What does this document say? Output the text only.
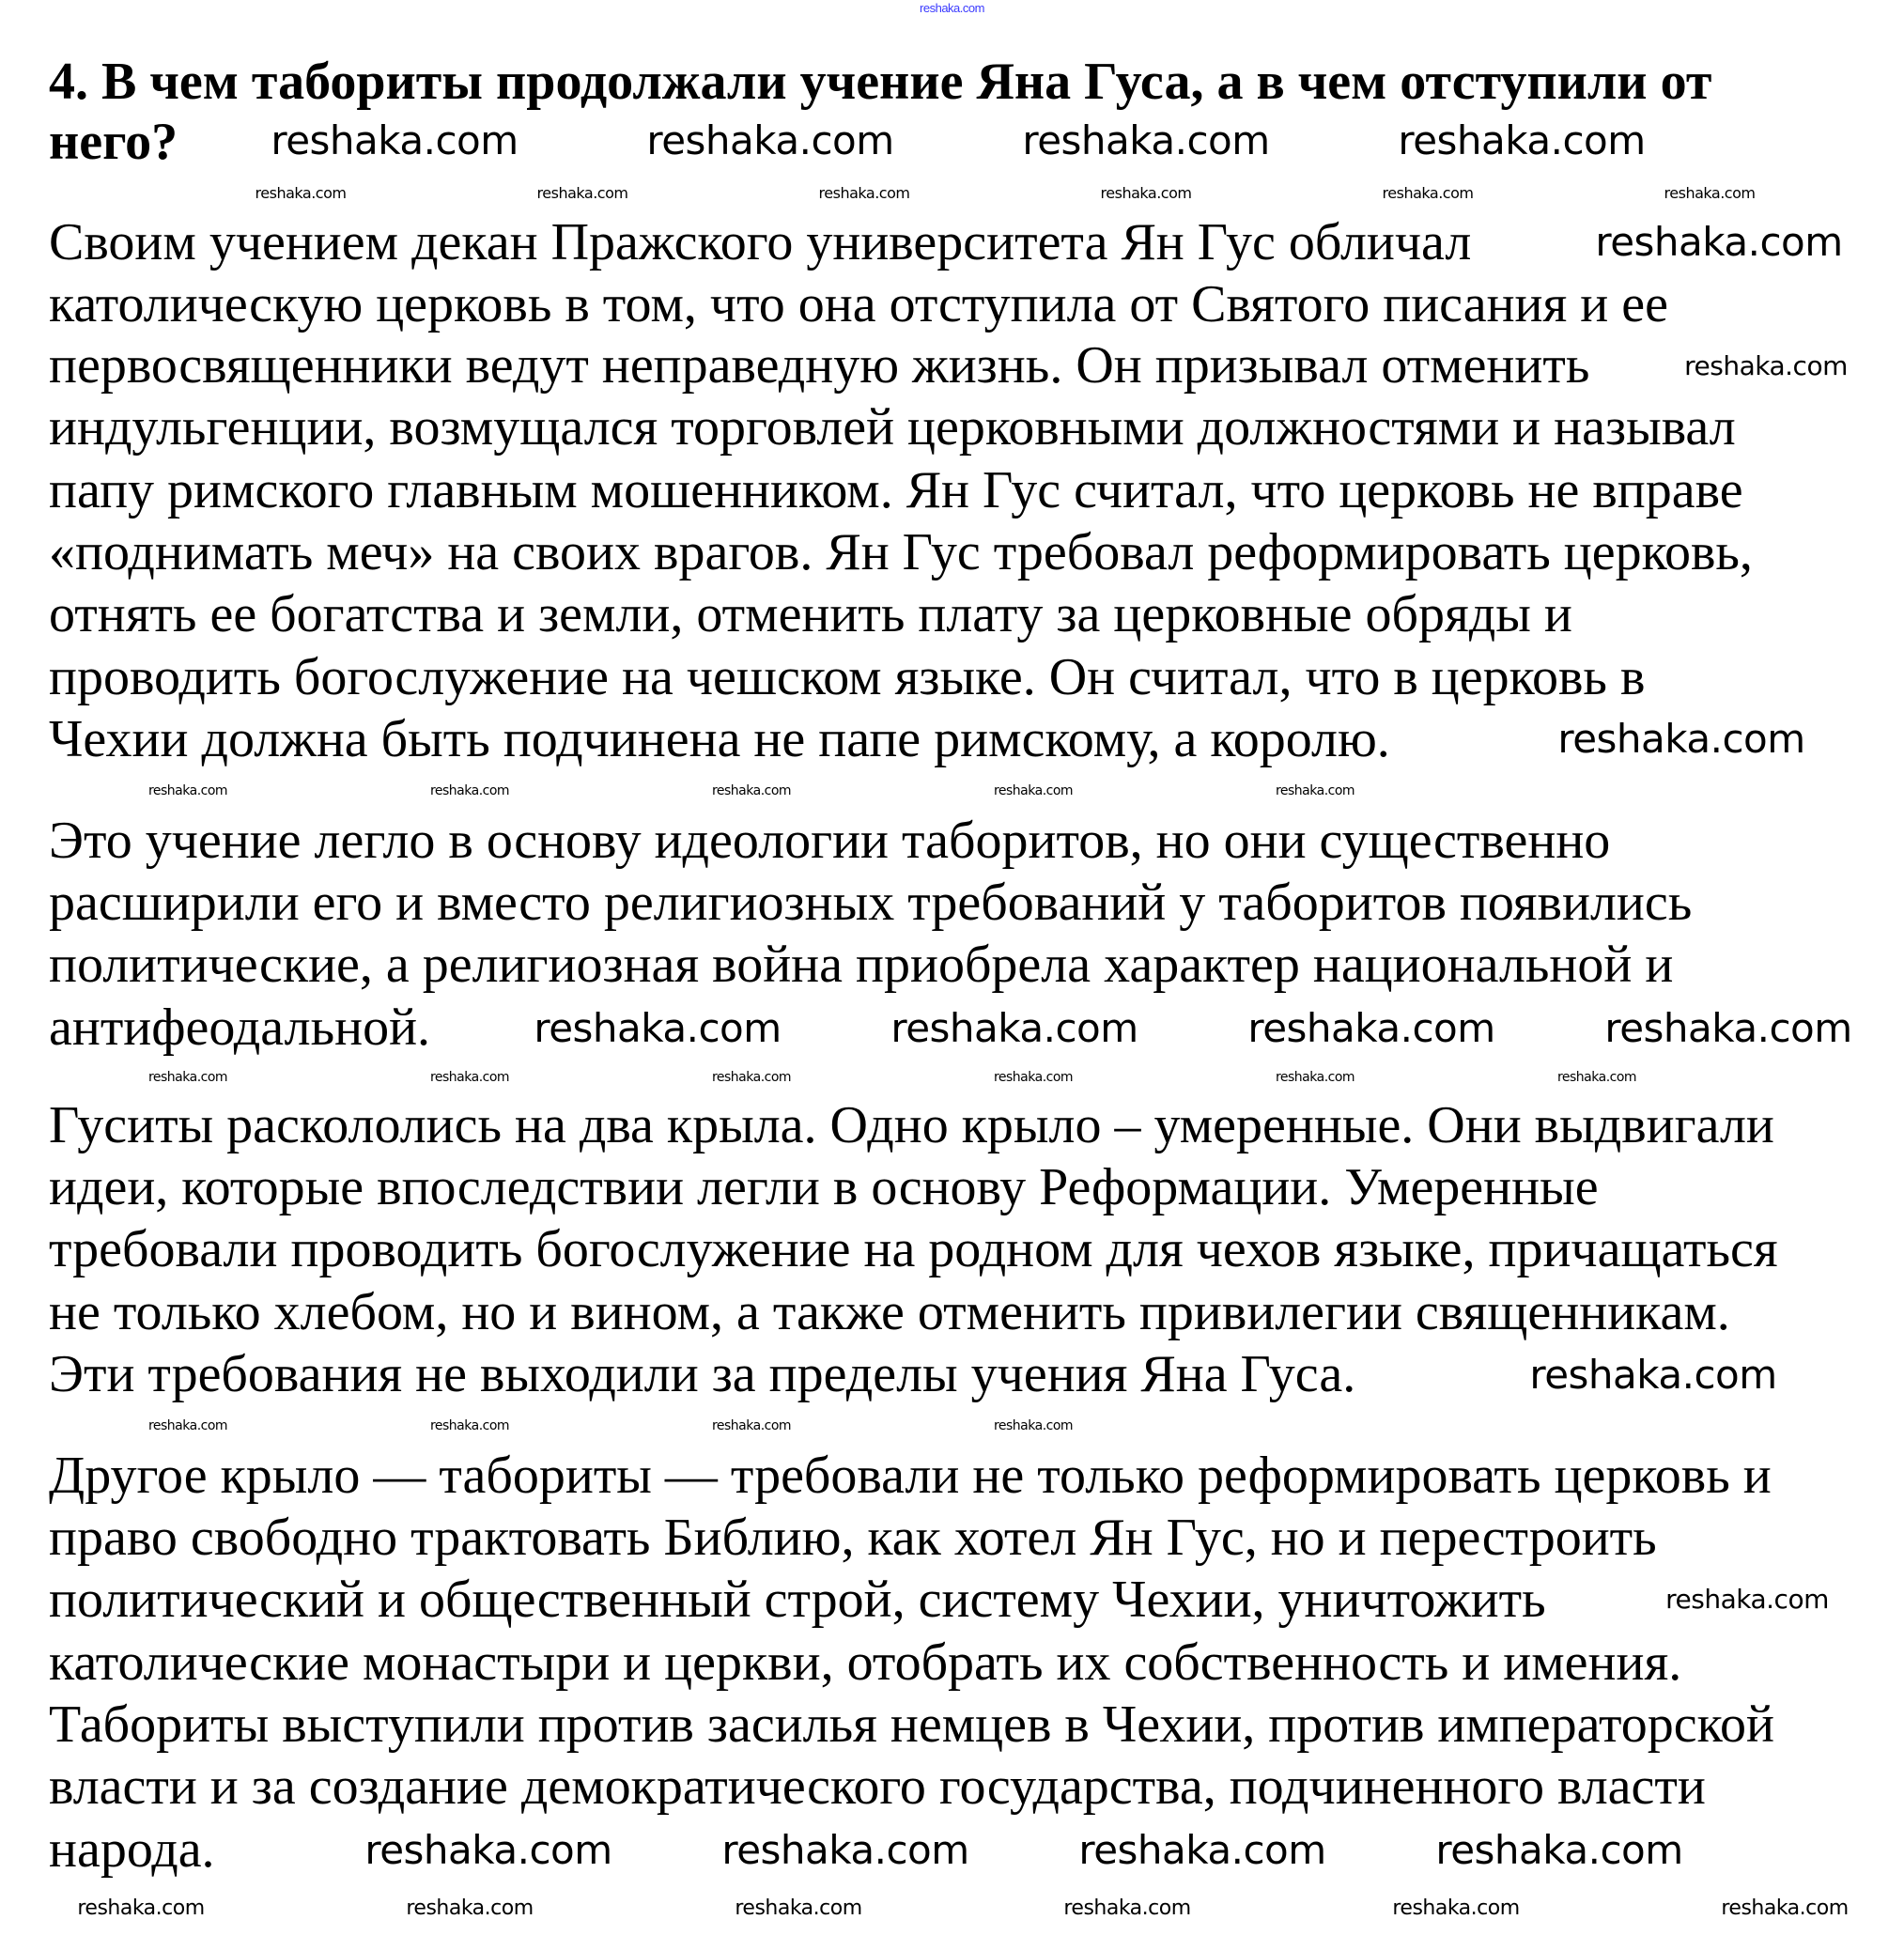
reshaka.com
4. В чем табориты продолжали учение Яна Гуса, а в чем отступили от
него?
Своим учением декан Пражского университета Ян Гус обличал
католическую церковь в том, что она отступила от Святого писания и ее
первосвященники ведут неправедную жизнь. Он призывал отменить
индульгенции, возмущался торговлей церковными должностями и называл
папу римского главным мошенником. Ян Гус считал, что церковь не вправе
«поднимать меч» на своих врагов. Ян Гус требовал реформировать церковь,
отнять ее богатства и земли, отменить плату за церковные обряды и
проводить богослужение на чешском языке. Он считал, что в церковь в
Чехии должна быть подчинена не папе римскому, а королю.
Это учение легло в основу идеологии таборитов, но они существенно
расширили его и вместо религиозных требований у таборитов появились
политические, а религиозная война приобрела характер национальной и
антифеодальной.
Гуситы раскололись на два крыла. Одно крыло – умеренные. Они выдвигали
идеи, которые впоследствии легли в основу Реформации. Умеренные
требовали проводить богослужение на родном для чехов языке, причащаться
не только хлебом, но и вином, а также отменить привилегии священникам.
Эти требования не выходили за пределы учения Яна Гуса.
Другое крыло — табориты — требовали не только реформировать церковь и
право свободно трактовать Библию, как хотел Ян Гус, но и перестроить
политический и общественный строй, систему Чехии, уничтожить
католические монастыри и церкви, отобрать их собственность и имения.
Табориты выступили против засилья немцев в Чехии, против императорской
власти и за создание демократического государства, подчиненного власти
народа.
reshaka.com	reshaka.com	reshaka.com	reshaka.com
reshaka.com	reshaka.com	reshaka.com	reshaka.com	reshaka.com	reshaka.com
reshaka.com
reshaka.com
reshaka.com
reshaka.com
reshaka.com	reshaka.com	reshaka.com	reshaka.com	reshaka.com
reshaka.com	reshaka.com	reshaka.com	reshaka.com
reshaka.com	reshaka.com	reshaka.com	reshaka.com	reshaka.com	reshaka.com
reshaka.com
reshaka.com	reshaka.com	reshaka.com	reshaka.com
reshaka.com	reshaka.com	reshaka.com	reshaka.com
reshaka.com	reshaka.com	reshaka.com	reshaka.com	reshaka.com	reshaka.com
